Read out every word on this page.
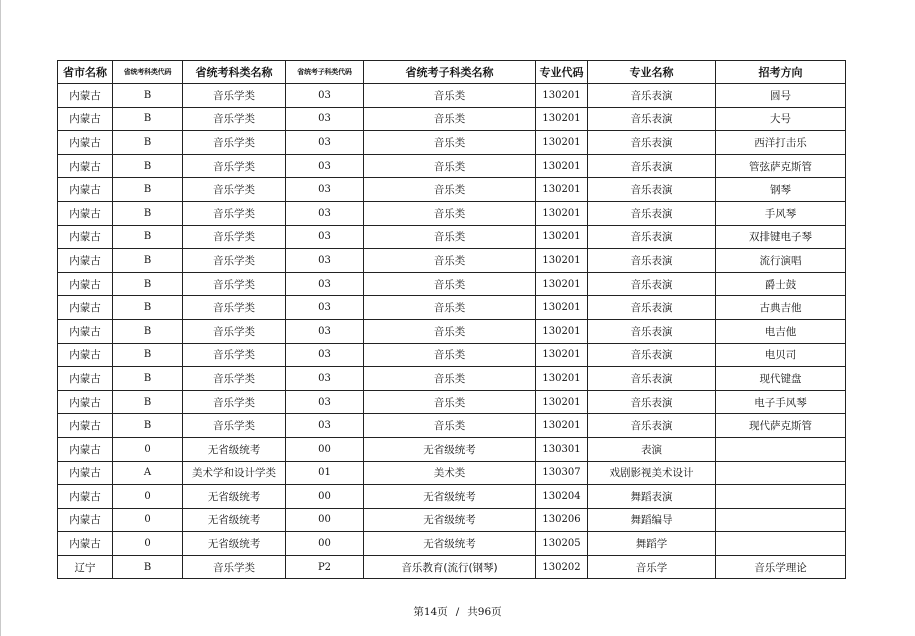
省市名称	省统考科类代码	省统考科类名称	省统考子科类代码	省统考子科类名称	专业代码	专业名称	招考方向
内蒙古	B	音乐学类	03	音乐类	130201	音乐表演	圆号
内蒙古	B	音乐学类	03	音乐类	130201	音乐表演	大号
内蒙古	B	音乐学类	03	音乐类	130201	音乐表演	西洋打击乐
内蒙古	B	音乐学类	03	音乐类	130201	音乐表演	管弦萨克斯管
内蒙古	B	音乐学类	03	音乐类	130201	音乐表演	钢琴
内蒙古	B	音乐学类	03	音乐类	130201	音乐表演	手风琴
内蒙古	B	音乐学类	03	音乐类	130201	音乐表演	双排键电子琴
内蒙古	B	音乐学类	03	音乐类	130201	音乐表演	流行演唱
内蒙古	B	音乐学类	03	音乐类	130201	音乐表演	爵士鼓
内蒙古	B	音乐学类	03	音乐类	130201	音乐表演	古典吉他
内蒙古	B	音乐学类	03	音乐类	130201	音乐表演	电吉他
内蒙古	B	音乐学类	03	音乐类	130201	音乐表演	电贝司
内蒙古	B	音乐学类	03	音乐类	130201	音乐表演	现代键盘
内蒙古	B	音乐学类	03	音乐类	130201	音乐表演	电子手风琴
内蒙古	B	音乐学类	03	音乐类	130201	音乐表演	现代萨克斯管
内蒙古	0	无省级统考	00	无省级统考	130301	表演	
内蒙古	A	美术学和设计学类	01	美术类	130307	戏剧影视美术设计	
内蒙古	0	无省级统考	00	无省级统考	130204	舞蹈表演	
内蒙古	0	无省级统考	00	无省级统考	130206	舞蹈编导	
内蒙古	0	无省级统考	00	无省级统考	130205	舞蹈学	
辽宁	B	音乐学类	P2	音乐教育(流行(钢琴)	130202	音乐学	音乐学理论
第14页 / 共96页
